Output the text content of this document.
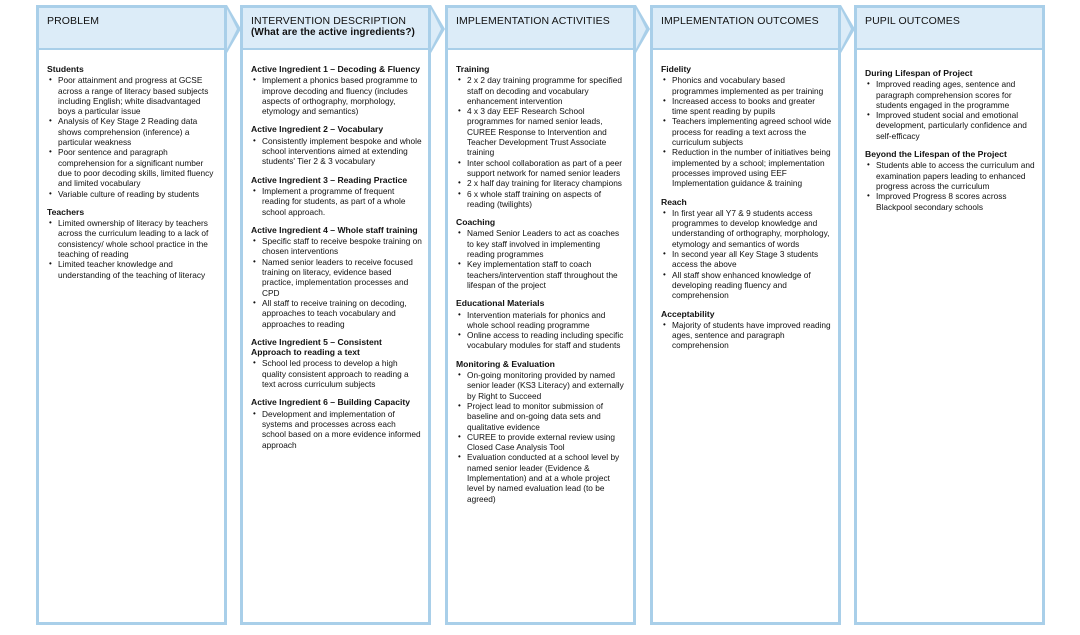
PROBLEM
Students
• Poor attainment and progress at GCSE across a range of literacy based subjects including English; white disadvantaged boys a particular issue
• Analysis of Key Stage 2 Reading data shows comprehension (inference) a particular weakness
• Poor sentence and paragraph comprehension for a significant number due to poor decoding skills, limited fluency and limited vocabulary
• Variable culture of reading by students
Teachers
• Limited ownership of literacy by teachers across the curriculum leading to a lack of consistency/ whole school practice in the teaching of reading
• Limited teacher knowledge and understanding of the teaching of literacy
INTERVENTION DESCRIPTION
(What are the active ingredients?)
Active Ingredient 1 – Decoding & Fluency
• Implement a phonics based programme to improve decoding and fluency (includes aspects of orthography, morphology, etymology and semantics)
Active Ingredient 2 – Vocabulary
• Consistently implement bespoke and whole school interventions aimed at extending students' Tier 2 & 3 vocabulary
Active Ingredient 3 – Reading Practice
• Implement a programme of frequent reading for students, as part of a whole school approach.
Active Ingredient 4 – Whole staff training
• Specific staff to receive bespoke training on chosen interventions
• Named senior leaders to receive focused training on literacy, evidence based practice, implementation processes and CPD
• All staff to receive training on decoding, approaches to teach vocabulary and approaches to reading
Active Ingredient 5 – Consistent Approach to reading a text
• School led process to develop a high quality consistent approach to reading a text across curriculum subjects
Active Ingredient 6 – Building Capacity
• Development and implementation of systems and processes across each school based on a more evidence informed approach
IMPLEMENTATION ACTIVITIES
Training
• 2 x 2 day training programme for specified staff on decoding and vocabulary enhancement intervention
• 4 x 3 day EEF Research School programmes for named senior leads, CUREE Response to Intervention and Teacher Development Trust Associate training
• Inter school collaboration as part of a peer support network for named senior leaders
• 2 x half day training for literacy champions
• 6 x whole staff training on aspects of reading (twilights)
Coaching
• Named Senior Leaders to act as coaches to key staff involved in implementing reading programmes
• Key implementation staff to coach teachers/intervention staff throughout the lifespan of the project
Educational Materials
• Intervention materials for phonics and whole school reading programme
• Online access to reading including specific vocabulary modules for staff and students
Monitoring & Evaluation
• On-going monitoring provided by named senior leader (KS3 Literacy) and externally by Right to Succeed
• Project lead to monitor submission of baseline and on-going data sets and qualitative evidence
• CUREE to provide external review using Closed Case Analysis Tool
• Evaluation conducted at a school level by named senior leader (Evidence & Implementation) and at a whole project level by named evaluation lead (to be agreed)
IMPLEMENTATION OUTCOMES
Fidelity
• Phonics and vocabulary based programmes implemented as per training
• Increased access to books and greater time spent reading by pupils
• Teachers implementing agreed school wide process for reading a text across the curriculum subjects
• Reduction in the number of initiatives being implemented by a school; implementation processes improved using EEF Implementation guidance & training
Reach
• In first year all Y7 & 9 students access programmes to develop knowledge and understanding of orthography, morphology, etymology and semantics of words
• In second year all Key Stage 3 students access the above
• All staff show enhanced knowledge of developing reading fluency and comprehension
Acceptability
• Majority of students have improved reading ages, sentence and paragraph comprehension
PUPIL OUTCOMES
During Lifespan of Project
• Improved reading ages, sentence and paragraph comprehension scores for students engaged in the programme
• Improved student social and emotional development, particularly confidence and self-efficacy
Beyond the Lifespan of the Project
• Students able to access the curriculum and examination papers leading to enhanced progress across the curriculum
• Improved Progress 8 scores across Blackpool secondary schools
